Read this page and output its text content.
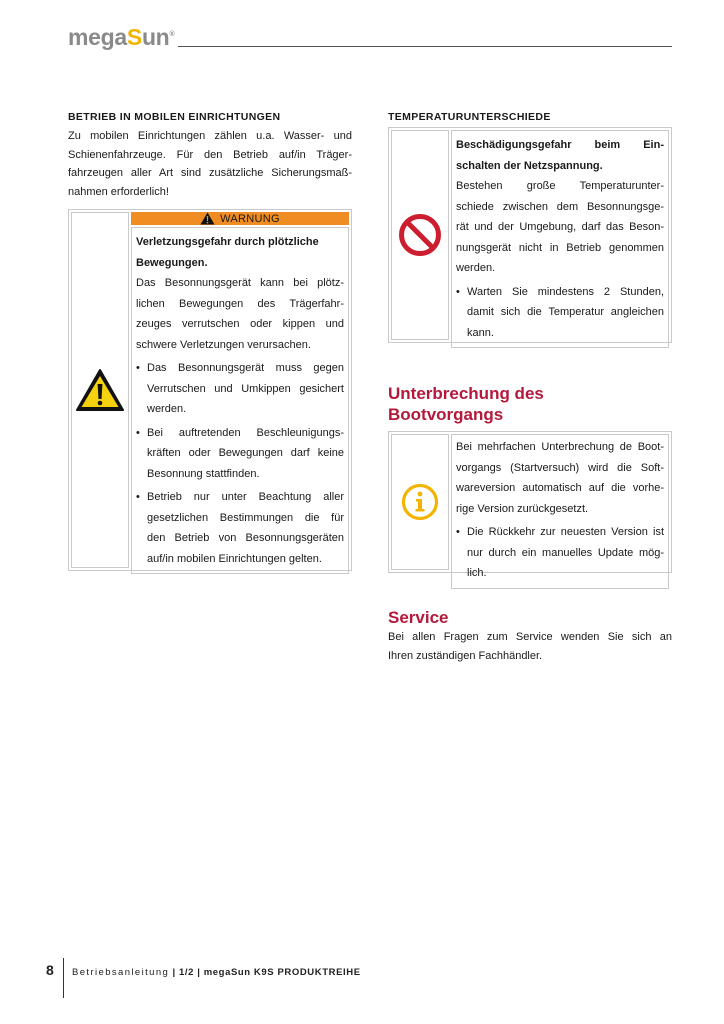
megaSun®
BETRIEB IN MOBILEN EINRICHTUNGEN
Zu mobilen Einrichtungen zählen u.a. Wasser- und
Schienenfahrzeuge. Für den Betrieb auf/in Träger-
fahrzeugen aller Art sind zusätzliche Sicherungsmaß-
nahmen erforderlich!
WARNUNG
Verletzungsgefahr durch plötzliche
Bewegungen.
Das Besonnungsgerät kann bei plötz-
lichen Bewegungen des Trägerfahr-
zeuges verrutschen oder kippen und
schwere Verletzungen verursachen.
• Das Besonnungsgerät muss gegen
Verrutschen und Umkippen gesichert
werden.
• Bei auftretenden Beschleunigungs-
kräften oder Bewegungen darf keine
Besonnung stattfinden.
• Betrieb nur unter Beachtung aller
gesetzlichen Bestimmungen die für
den Betrieb von Besonnungsgeräten
auf/in mobilen Einrichtungen gelten.
TEMPERATURUNTERSCHIEDE
Beschädigungsgefahr beim Ein-
schalten der Netzspannung.
Bestehen große Temperaturunter-
schiede zwischen dem Besonnungsge-
rät und der Umgebung, darf das Beson-
nungsgerät nicht in Betrieb genommen
werden.
• Warten Sie mindestens 2 Stunden,
damit sich die Temperatur angleichen
kann.
Unterbrechung des
Bootvorgangs
Bei mehrfachen Unterbrechung de Boot-
vorgangs (Startversuch) wird die Soft-
wareversion automatisch auf die vorhe-
rige Version zurückgesetzt.
• Die Rückkehr zur neuesten Version ist
nur durch ein manuelles Update mög-
lich.
Service
Bei allen Fragen zum Service wenden Sie sich an
Ihren zuständigen Fachhändler.
8 Betriebsanleitung | 1/2 | megaSun K9S PRODUKTREIHE
